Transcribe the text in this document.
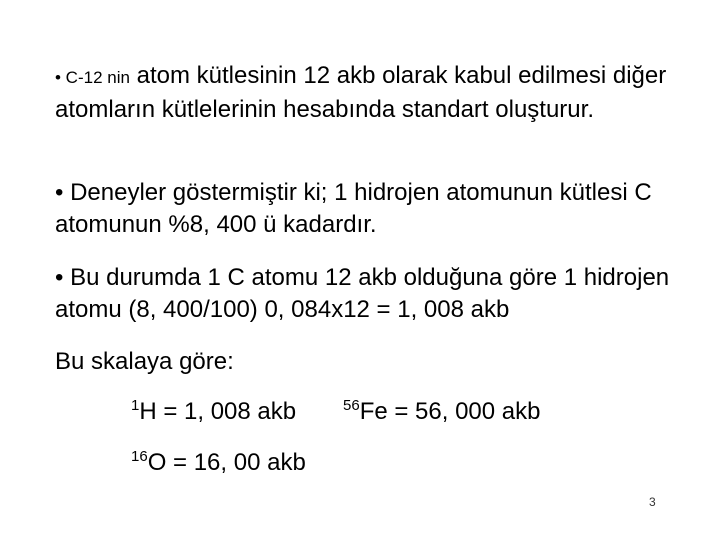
• C-12 nin atom kütlesinin 12 akb olarak kabul edilmesi diğer atomların kütlelerinin hesabında standart oluşturur.

• Deneyler göstermiştir ki; 1 hidrojen atomunun kütlesi C atomunun %8, 400 ü kadardır.

• Bu durumda 1 C atomu 12 akb olduğuna göre 1 hidrojen atomu (8, 400/100) 0, 084x12 = 1, 008 akb

Bu skalaya göre:

$^1$H = 1, 008 akb	$^{56}$Fe = 56, 000 akb
$^{16}$O = 16, 00 akb
3
